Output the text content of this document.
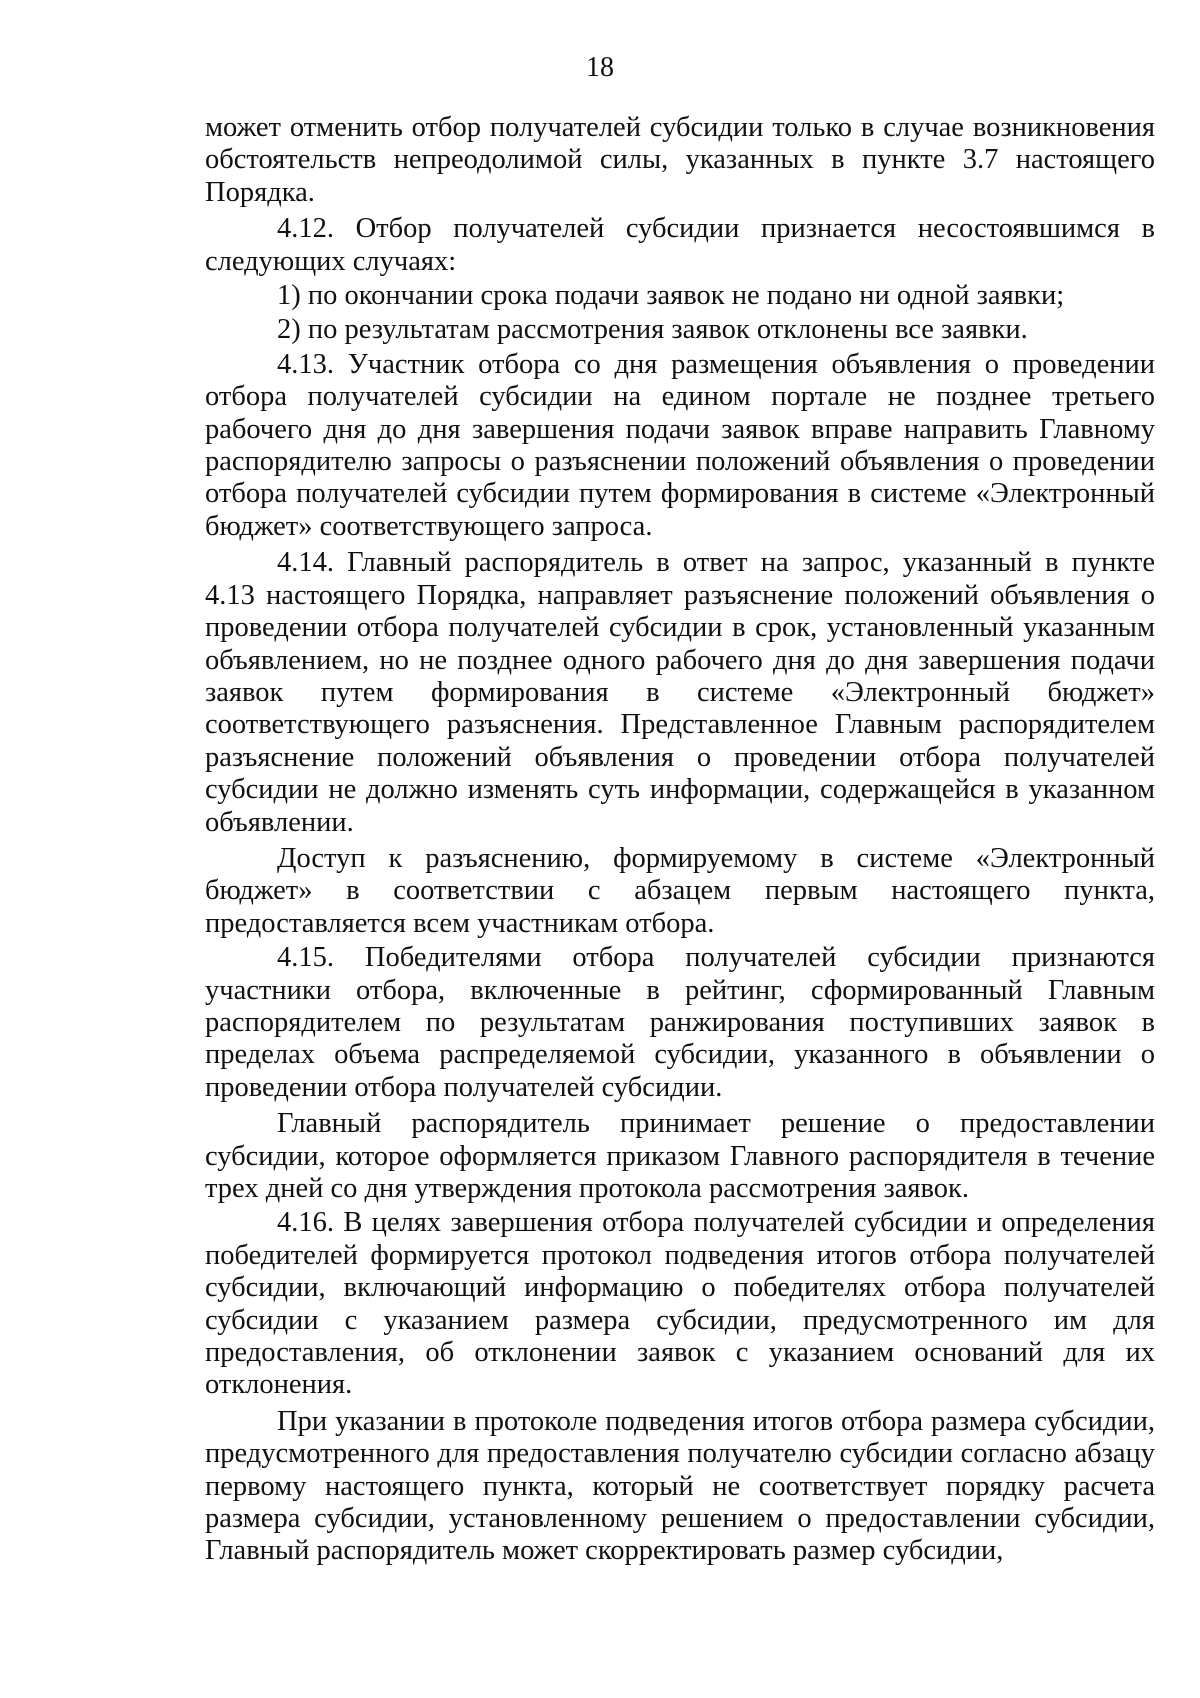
18

может отменить отбор получателей субсидии только в случае возникновения обстоятельств непреодолимой силы, указанных в пункте 3.7 настоящего Порядка.

4.12. Отбор получателей субсидии признается несостоявшимся в следующих случаях:

1) по окончании срока подачи заявок не подано ни одной заявки;

2) по результатам рассмотрения заявок отклонены все заявки.

4.13. Участник отбора со дня размещения объявления о проведении отбора получателей субсидии на едином портале не позднее третьего рабочего дня до дня завершения подачи заявок вправе направить Главному распорядителю запросы о разъяснении положений объявления о проведении отбора получателей субсидии путем формирования в системе «Электронный бюджет» соответствующего запроса.

4.14. Главный распорядитель в ответ на запрос, указанный в пункте 4.13 настоящего Порядка, направляет разъяснение положений объявления о проведении отбора получателей субсидии в срок, установленный указанным объявлением, но не позднее одного рабочего дня до дня завершения подачи заявок путем формирования в системе «Электронный бюджет» соответствующего разъяснения. Представленное Главным распорядителем разъяснение положений объявления о проведении отбора получателей субсидии не должно изменять суть информации, содержащейся в указанном объявлении.

Доступ к разъяснению, формируемому в системе «Электронный бюджет» в соответствии с абзацем первым настоящего пункта, предоставляется всем участникам отбора.

4.15. Победителями отбора получателей субсидии признаются участники отбора, включенные в рейтинг, сформированный Главным распорядителем по результатам ранжирования поступивших заявок в пределах объема распределяемой субсидии, указанного в объявлении о проведении отбора получателей субсидии.

Главный распорядитель принимает решение о предоставлении субсидии, которое оформляется приказом Главного распорядителя в течение трех дней со дня утверждения протокола рассмотрения заявок.

4.16. В целях завершения отбора получателей субсидии и определения победителей формируется протокол подведения итогов отбора получателей субсидии, включающий информацию о победителях отбора получателей субсидии с указанием размера субсидии, предусмотренного им для предоставления, об отклонении заявок с указанием оснований для их отклонения.

При указании в протоколе подведения итогов отбора размера субсидии, предусмотренного для предоставления получателю субсидии согласно абзацу первому настоящего пункта, который не соответствует порядку расчета размера субсидии, установленному решением о предоставлении субсидии, Главный распорядитель может скорректировать размер субсидии,
